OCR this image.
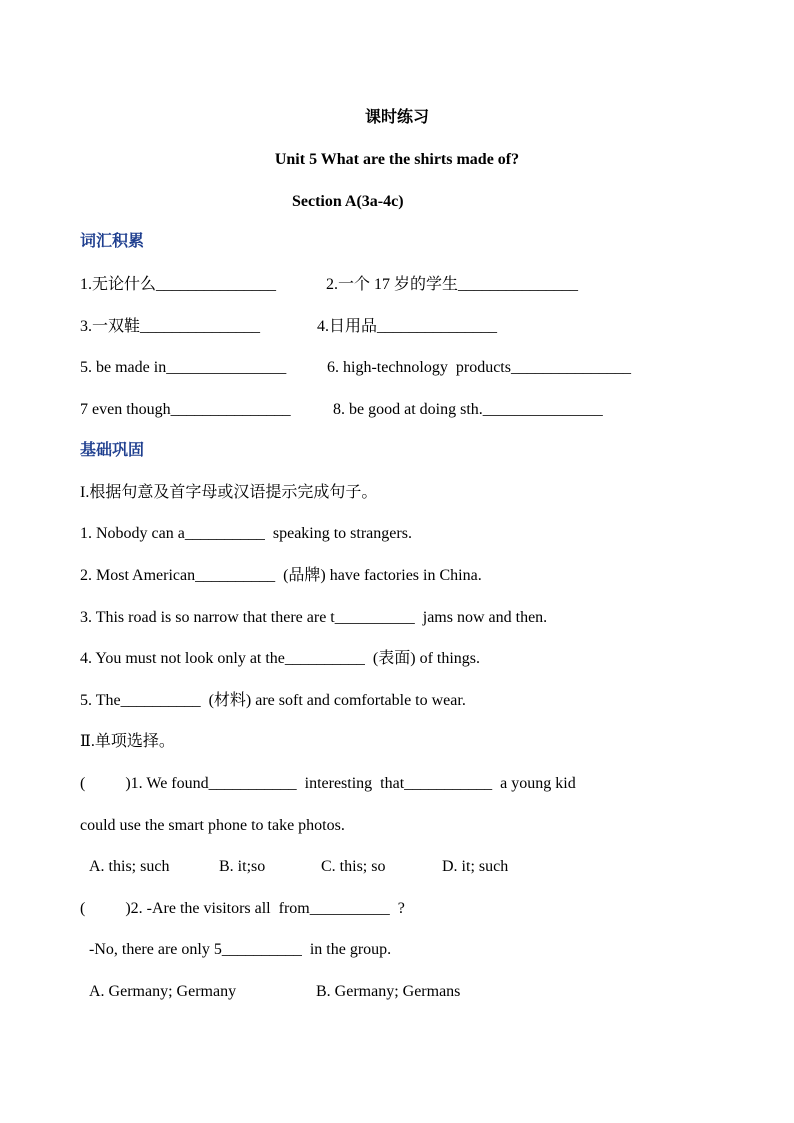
课时练习
Unit 5 What are the shirts made of?
Section A(3a-4c)
词汇积累
1.无论什么_______________	2.一个 17 岁的学生_______________
3.一双鞋_______________	4.日用品_______________
5. be made in_______________	6. high-technology  products_______________
7 even though_______________	8. be good at doing sth._______________
基础巩固
I.根据句意及首字母或汉语提示完成句子。
1. Nobody can a__________  speaking to strangers.
2. Most American__________  (品牌) have factories in China.
3. This road is so narrow that there are t__________  jams now and then.
4. You must not look only at the__________  (表面) of things.
5. The__________  (材料) are soft and comfortable to wear.
Ⅱ.单项选择。
(          )1. We found___________  interesting  that___________  a young kid
could use the smart phone to take photos.
A. this; such	B. it;so	C. this; so	D. it; such
(          )2. -Are the visitors all  from__________  ?
-No, there are only 5__________  in the group.
A. Germany; Germany	B. Germany; Germans
